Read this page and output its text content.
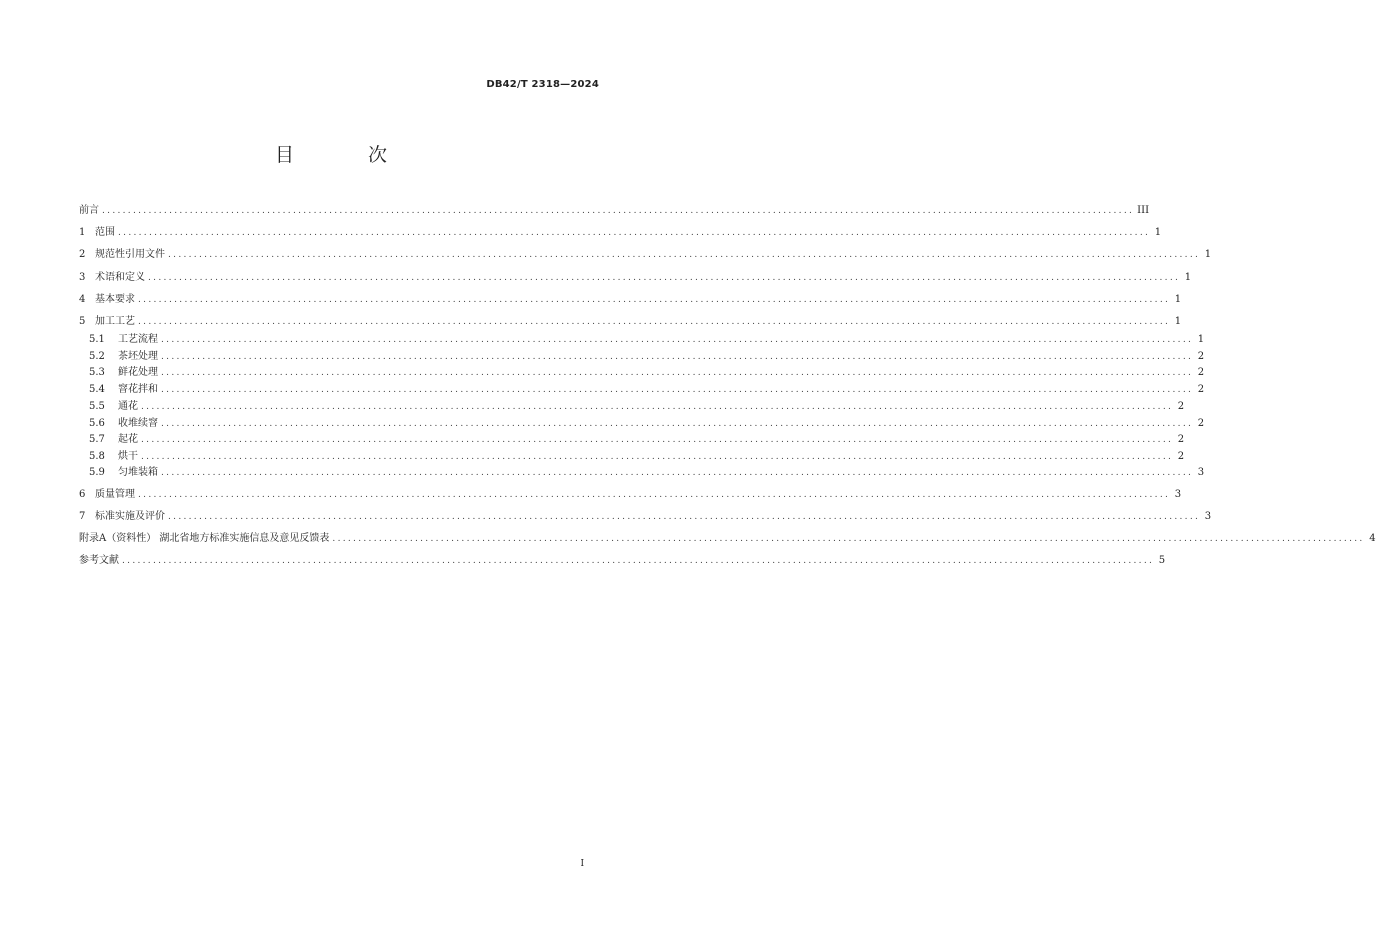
DB42/T 2318—2024
目 次
前言 ........................................................................................................................................................................................................ III
1 范围 ........................................................................................................................................................................................................ 1
2 规范性引用文件 ........................................................................................................................................................................................................ 1
3 术语和定义 ........................................................................................................................................................................................................ 1
4 基本要求 ........................................................................................................................................................................................................ 1
5 加工工艺 ........................................................................................................................................................................................................ 1
5.1	工艺流程 ........................................................................................................................................................................................................ 1
5.2	茶坯处理 ........................................................................................................................................................................................................ 2
5.3	鲜花处理 ........................................................................................................................................................................................................ 2
5.4	窨花拌和 ........................................................................................................................................................................................................ 2
5.5	通花 ........................................................................................................................................................................................................ 2
5.6	收堆续窨 ........................................................................................................................................................................................................ 2
5.7	起花 ........................................................................................................................................................................................................ 2
5.8	烘干 ........................................................................................................................................................................................................ 2
5.9	匀堆装箱 ........................................................................................................................................................................................................ 3
6 质量管理 ........................................................................................................................................................................................................ 3
7 标准实施及评价 ........................................................................................................................................................................................................ 3
附录A（资料性） 湖北省地方标准实施信息及意见反馈表 ........................................................................................................................................................................................................ 4
参考文献 ........................................................................................................................................................................................................ 5
I
